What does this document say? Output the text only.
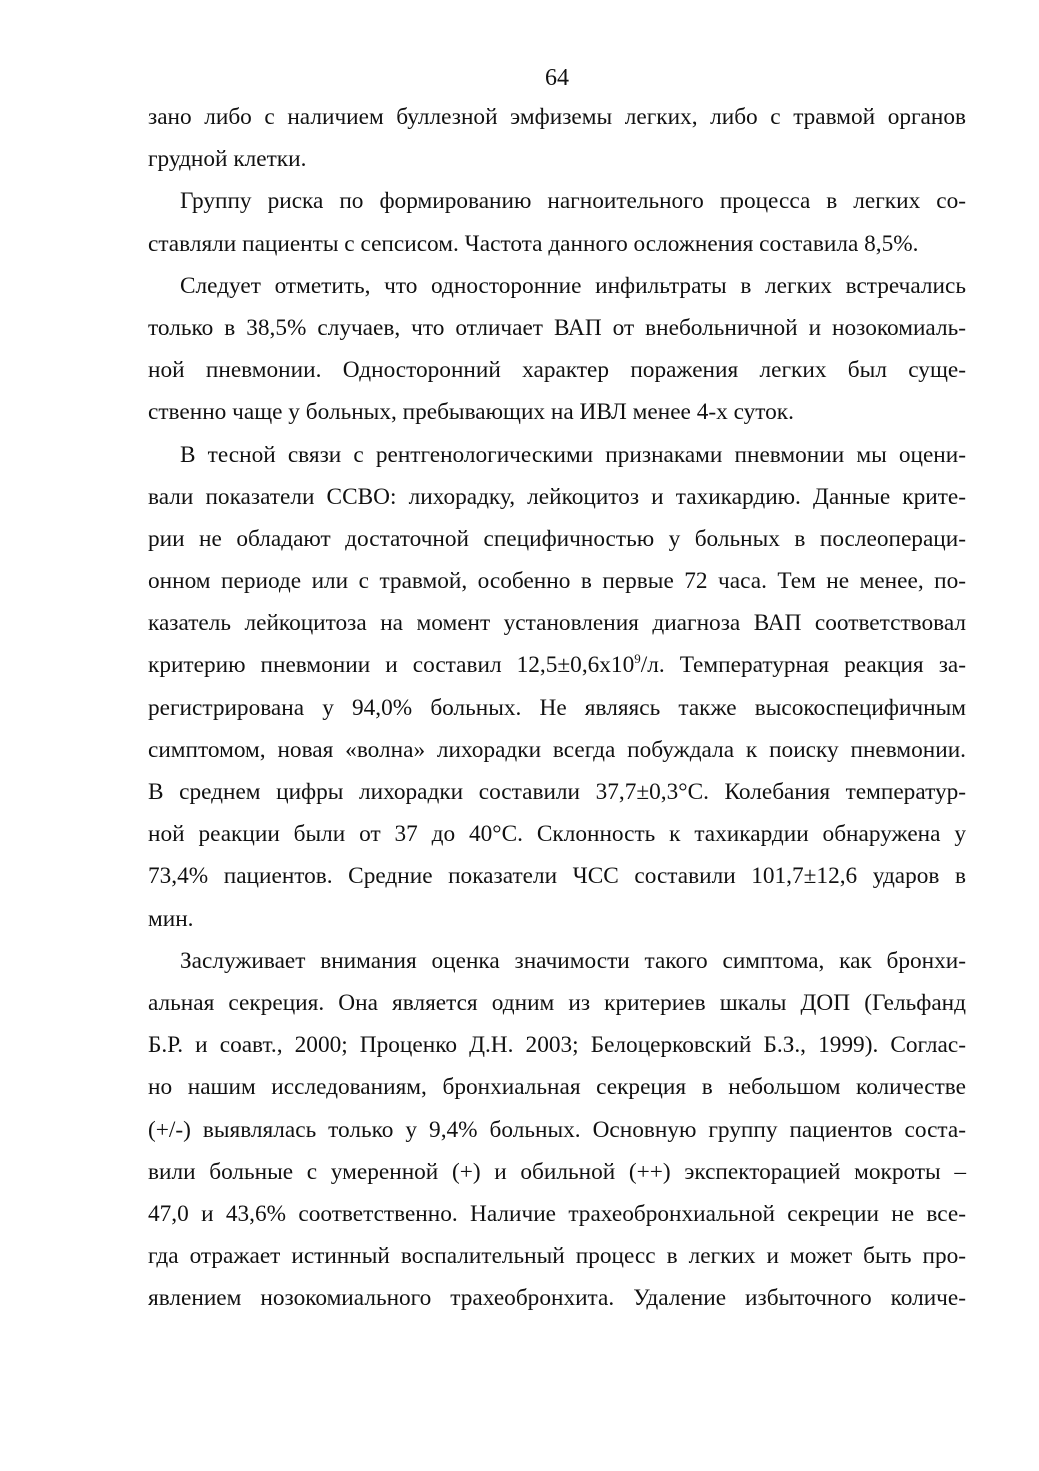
64
зано либо с наличием буллезной эмфиземы легких, либо с травмой органов
грудной клетки.
Группу риска по формированию нагноительного процесса в легких со-
ставляли пациенты с сепсисом. Частота данного осложнения составила 8,5%.
Следует отметить, что односторонние инфильтраты в легких встречались
только в 38,5% случаев, что отличает ВАП от внебольничной и нозокомиаль-
ной пневмонии. Односторонний характер поражения легких был суще-
ственно чаще у больных, пребывающих на ИВЛ менее 4-х суток.
В тесной связи с рентгенологическими признаками пневмонии мы оцени-
вали показатели ССВО: лихорадку, лейкоцитоз и тахикардию. Данные крите-
рии не обладают достаточной специфичностью у больных в послеопераци-
онном периоде или с травмой, особенно в первые 72 часа. Тем не менее, по-
казатель лейкоцитоза на момент установления диагноза ВАП соответствовал
критерию пневмонии и составил $12,5\pm 0,6х10^9/л$. Температурная реакция за-
регистрирована у 94,0% больных. Не являясь также высокоспецифичным
симптомом, новая «волна» лихорадки всегда побуждала к поиску пневмонии.
В среднем цифры лихорадки составили 37,7±0,3°С. Колебания температур-
ной реакции были от 37 до 40°С. Склонность к тахикардии обнаружена у
73,4% пациентов. Средние показатели ЧСС составили 101,7±12,6 ударов в
мин.
Заслуживает внимания оценка значимости такого симптома, как бронхи-
альная секреция. Она является одним из критериев шкалы ДОП (Гельфанд
Б.Р. и соавт., 2000; Проценко Д.Н. 2003; Белоцерковский Б.З., 1999). Соглас-
но нашим исследованиям, бронхиальная секреция в небольшом количестве
(+/-) выявлялась только у 9,4% больных. Основную группу пациентов соста-
вили больные с умеренной (+) и обильной (++) экспекторацией мокроты –
47,0 и 43,6% соответственно. Наличие трахеобронхиальной секреции не все-
гда отражает истинный воспалительный процесс в легких и может быть про-
явлением нозокомиального трахеобронхита. Удаление избыточного количе-
